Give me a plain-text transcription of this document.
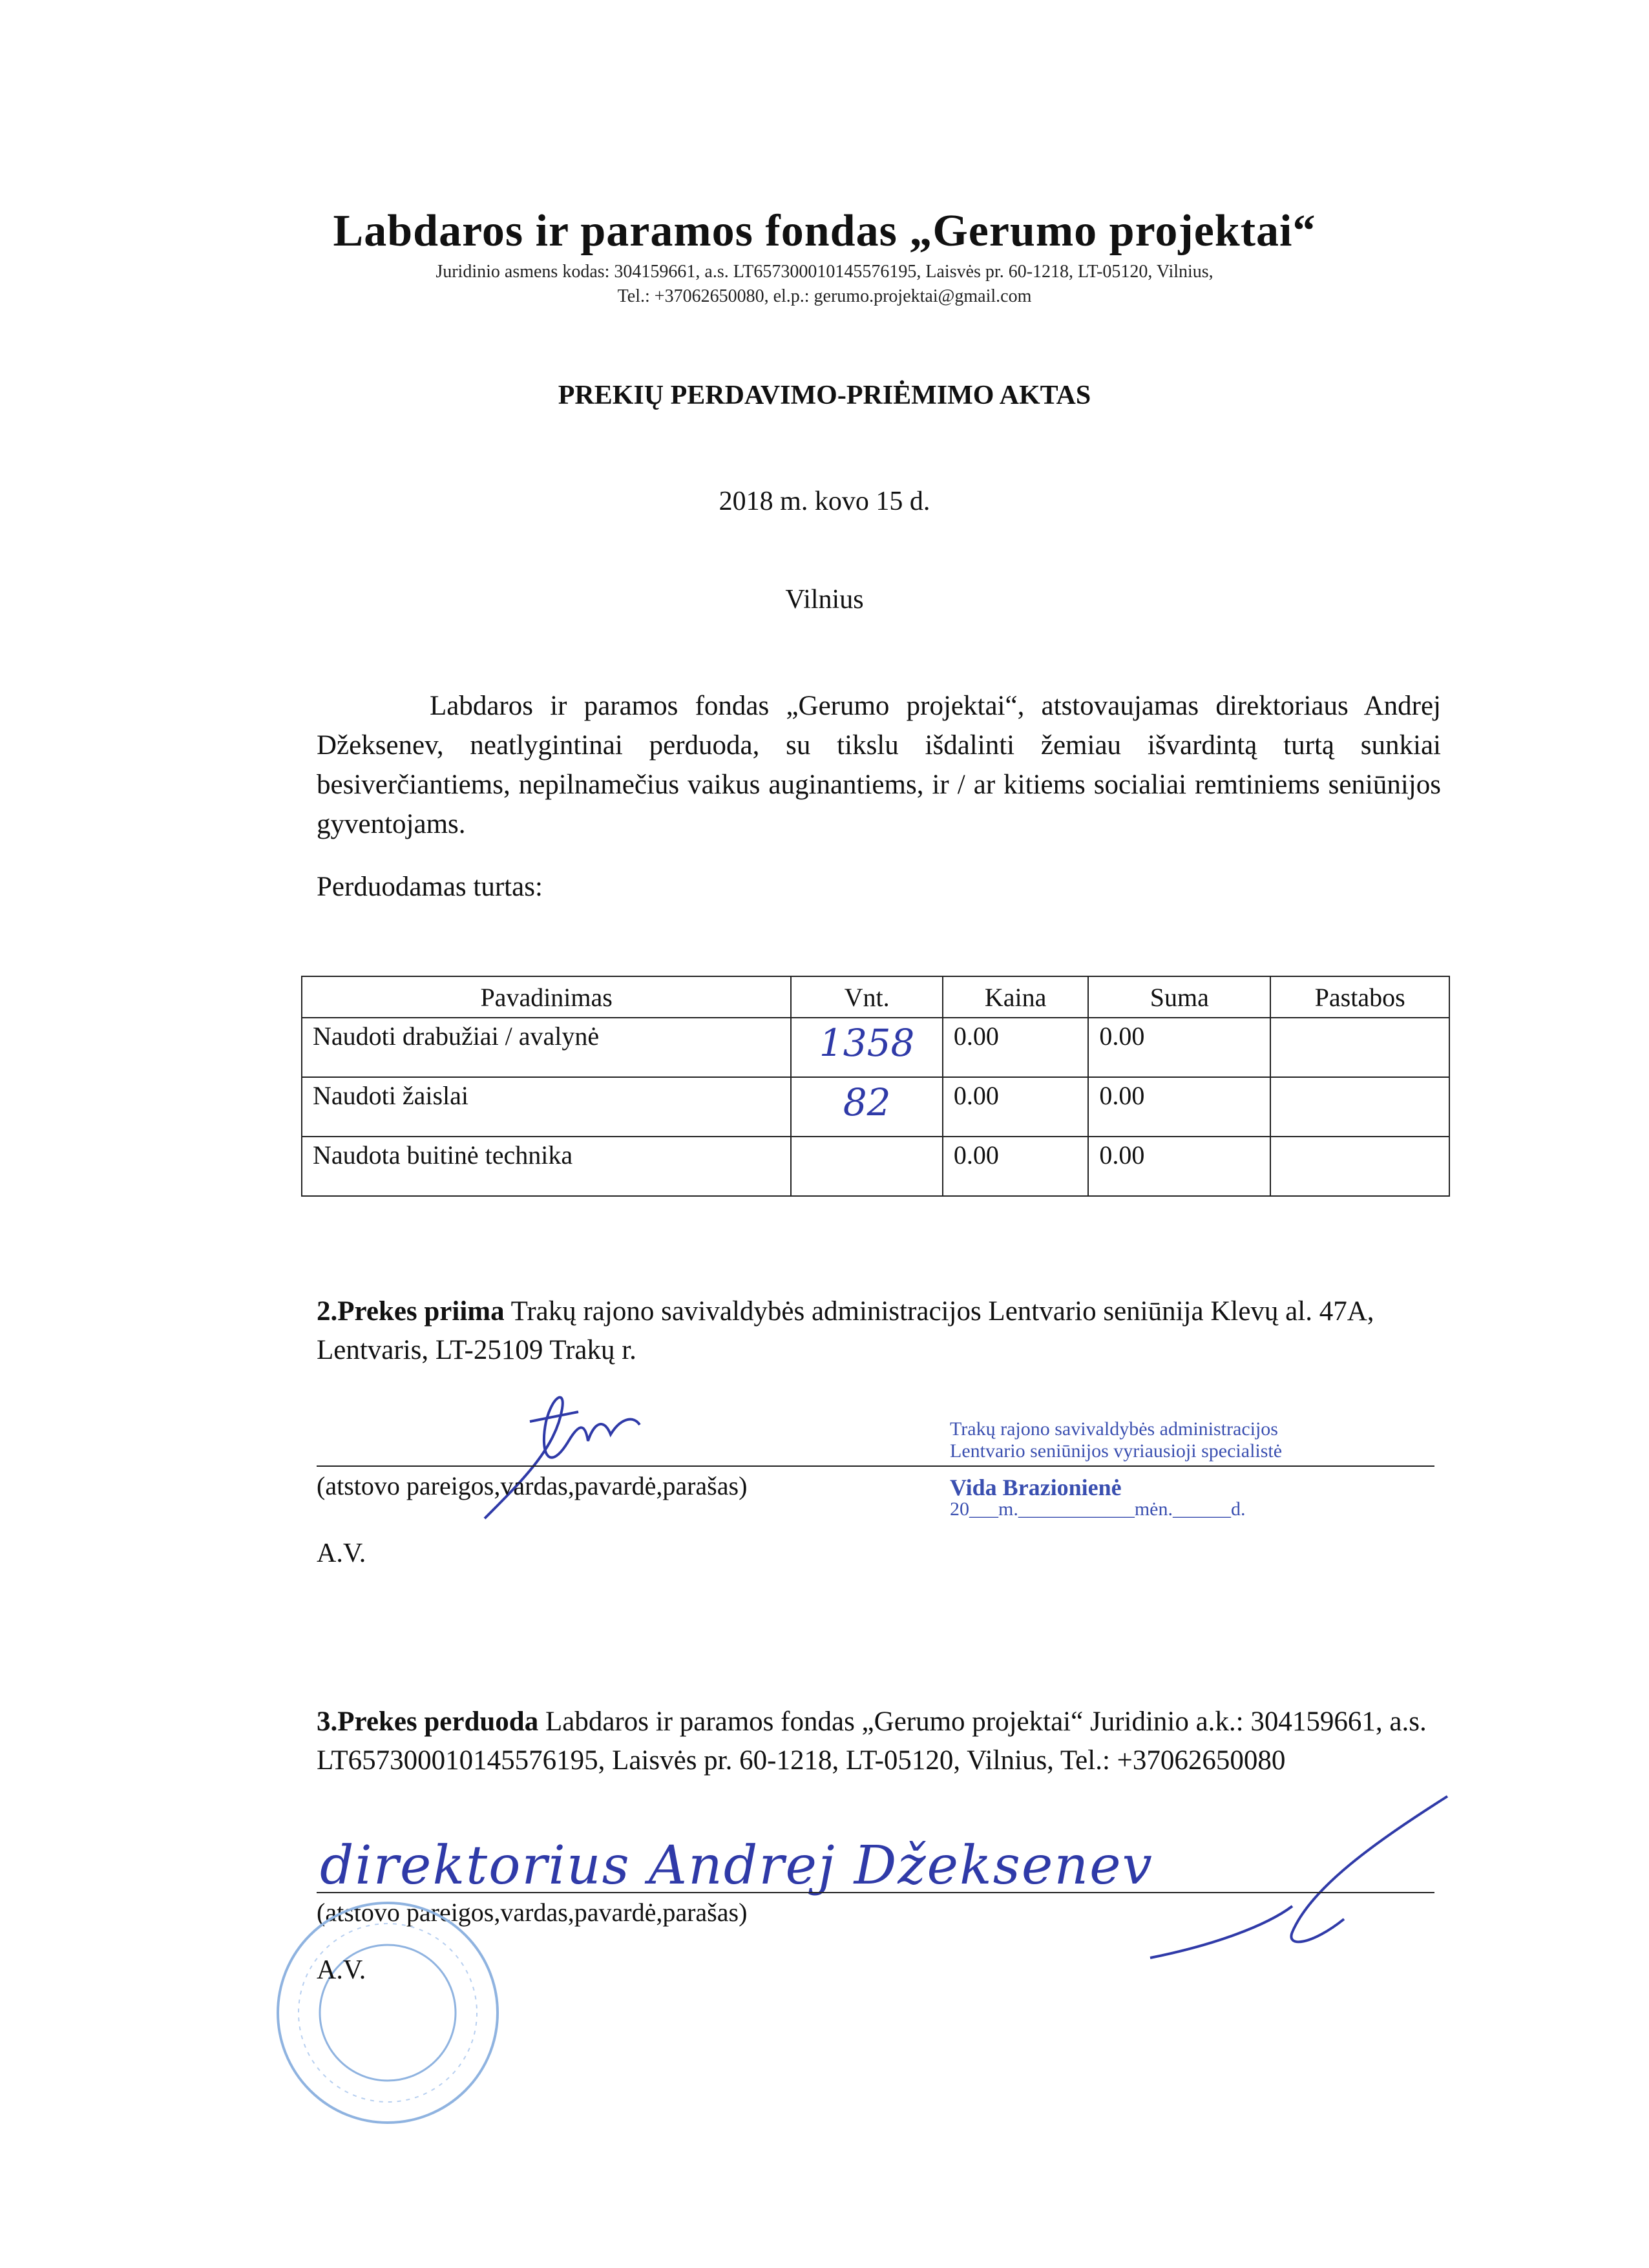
Labdaros ir paramos fondas „Gerumo projektai“
Juridinio asmens kodas: 304159661, a.s. LT657300010145576195, Laisvės pr. 60-1218, LT-05120, Vilnius,
Tel.: +37062650080, el.p.: gerumo.projektai@gmail.com
PREKIŲ PERDAVIMO-PRIĖMIMO AKTAS
2018 m. kovo 15 d.
Vilnius
Labdaros ir paramos fondas „Gerumo projektai“, atstovaujamas direktoriaus Andrej Džeksenev, neatlygintinai perduoda, su tikslu išdalinti žemiau išvardintą turtą sunkiai besiverčiantiems, nepilnamečius vaikus auginantiems, ir / ar kitiems socialiai remtiniems seniūnijos gyventojams.
Perduodamas turtas:
Pavadinimas	Vnt.	Kaina	Suma	Pastabos
Naudoti drabužiai / avalynė	1358	0.00	0.00	
Naudoti žaislai	82	0.00	0.00	
Naudota buitinė technika		0.00	0.00	
2.Prekes priima Trakų rajono savivaldybės administracijos Lentvario seniūnija Klevų al. 47A, Lentvaris, LT-25109 Trakų r.
(atstovo pareigos,vardas,pavardė,parašas)
A.V.
Trakų rajono savivaldybės administracijos
Lentvario seniūnijos vyriausioji specialistė
Vida Brazionienė
20___m.____________mėn.______d.
3.Prekes perduoda Labdaros ir paramos fondas „Gerumo projektai“ Juridinio a.k.: 304159661, a.s. LT657300010145576195, Laisvės pr. 60-1218, LT-05120, Vilnius, Tel.: +37062650080
direktorius Andrej Džeksenev
(atstovo pareigos,vardas,pavardė,parašas)
A.V.
